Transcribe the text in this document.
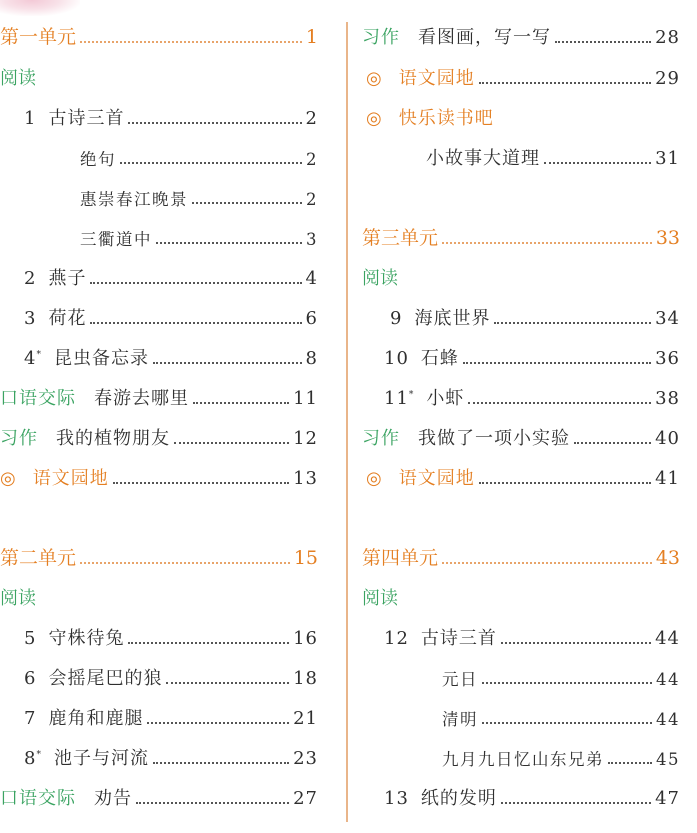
第一单元	1
阅读
1 古诗三首	2
绝句	2
惠崇春江晚景	2
三衢道中	3
2 燕子	4
3 荷花	6
4* 昆虫备忘录	8
口语交际 春游去哪里	11
习作 我的植物朋友	12
◎ 语文园地	13
第二单元	15
阅读
5 守株待兔	16
6 会摇尾巴的狼	18
7 鹿角和鹿腿	21
8* 池子与河流	23
口语交际 劝告	27
习作 看图画，写一写	28
◎ 语文园地	29
◎ 快乐读书吧
小故事大道理	31
第三单元	33
阅读
9 海底世界	34
10 石蜂	36
11* 小虾	38
习作 我做了一项小实验	40
◎ 语文园地	41
第四单元	43
阅读
12 古诗三首	44
元日	44
清明	44
九月九日忆山东兄弟	45
13 纸的发明	47
